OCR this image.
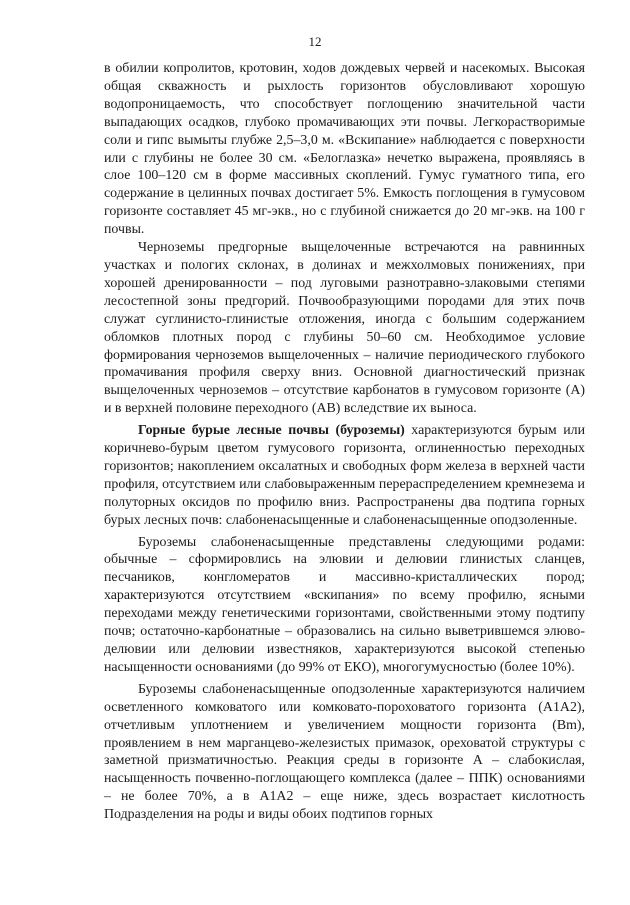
12

в обилии копролитов, кротовин, ходов дождевых червей и насекомых. Высокая общая скважность и рыхлость горизонтов обусловливают хорошую водопроницаемость, что способствует поглощению значительной части выпадающих осадков, глубоко промачивающих эти почвы. Легкорастворимые соли и гипс вымыты глубже 2,5–3,0 м. «Вскипание» наблюдается с поверхности или с глубины не более 30 см. «Белоглазка» нечетко выражена, проявляясь в слое 100–120 см в форме массивных скоплений. Гумус гуматного типа, его содержание в целинных почвах достигает 5%. Емкость поглощения в гумусовом горизонте составляет 45 мг-экв., но с глубиной снижается до 20 мг-экв. на 100 г почвы.

Черноземы предгорные выщелоченные встречаются на равнинных участках и пологих склонах, в долинах и межхолмовых понижениях, при хорошей дренированности – под луговыми разнотравно-злаковыми степями лесостепной зоны предгорий. Почвообразующими породами для этих почв служат суглинисто-глинистые отложения, иногда с большим содержанием обломков плотных пород с глубины 50–60 см. Необходимое условие формирования черноземов выщелоченных – наличие периодического глубокого промачивания профиля сверху вниз. Основной диагностический признак выщелоченных черноземов – отсутствие карбонатов в гумусовом горизонте (А) и в верхней половине переходного (АВ) вследствие их выноса.

Горные бурые лесные почвы (бурoземы) характеризуются бурым или коричнево-бурым цветом гумусового горизонта, оглиненностью переходных горизонтов; накоплением оксалатных и свободных форм железа в верхней части профиля, отсутствием или слабовыраженным перераспределением кремнезема и полуторных оксидов по профилю вниз. Распространены два подтипа горных бурых лесных почв: слабоненасыщенные и слабоненасыщенные оподзоленные.

Буроземы слабоненасыщенные представлены следующими родами: обычные – сформировлись на элювии и делювии глинистых сланцев, песчаников, конгломератов и массивно-кристаллических пород; характеризуются отсутствием «вскипания» по всему профилю, ясными переходами между генетическими горизонтами, свойственными этому подтипу почв; остаточно-карбонатные – образовались на сильно выветрившемся элюво-делювии или делювии известняков, характеризуются высокой степенью насыщенности основаниями (до 99% от ЕКО), многогумусностью (более 10%).

Буроземы слабоненасыщенные оподзоленные характеризуются наличием осветленного комковатого или комковато-пороховатого горизонта (А1А2), отчетливым уплотнением и увеличением мощности горизонта (Bm), проявлением в нем марганцево-железистых примазок, ореховатой структуры с заметной призматичностью. Реакция среды в горизонте А – слабокислая, насыщенность почвенно-поглощающего комплекса (далее – ППК) основаниями – не более 70%, а в А1А2 – еще ниже, здесь возрастает кислотность Подразделения на роды и виды обоих подтипов горных
